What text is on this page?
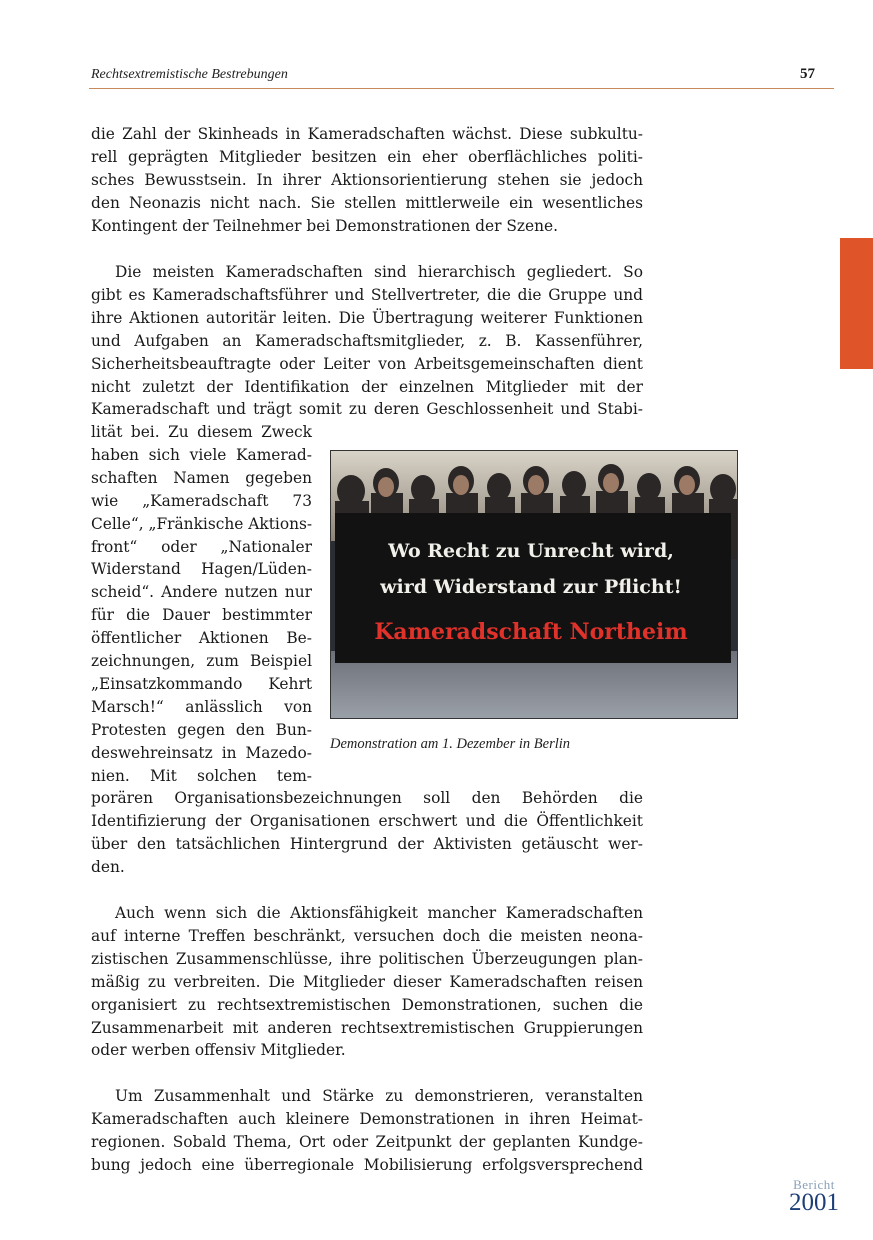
Rechtsextremistische Bestrebungen	57

die Zahl der Skinheads in Kameradschaften wächst. Diese subkultu-
rell geprägten Mitglieder besitzen ein eher oberflächliches politi-
sches Bewusstsein. In ihrer Aktionsorientierung stehen sie jedoch
den Neonazis nicht nach. Sie stellen mittlerweile ein wesentliches
Kontingent der Teilnehmer bei Demonstrationen der Szene.

Die meisten Kameradschaften sind hierarchisch gegliedert. So
gibt es Kameradschaftsführer und Stellvertreter, die die Gruppe und
ihre Aktionen autoritär leiten. Die Übertragung weiterer Funktionen
und Aufgaben an Kameradschaftsmitglieder, z. B. Kassenführer,
Sicherheitsbeauftragte oder Leiter von Arbeitsgemeinschaften dient
nicht zuletzt der Identifikation der einzelnen Mitglieder mit der
Kameradschaft und trägt somit zu deren Geschlossenheit und Stabi-

lität bei. Zu diesem Zweck
haben sich viele Kamerad-
schaften Namen gegeben
wie „Kameradschaft 73
Celle“, „Fränkische Aktions-
front“ oder „Nationaler
Widerstand Hagen/Lüden-
scheid“. Andere nutzen nur
für die Dauer bestimmter
öffentlicher Aktionen Be-
zeichnungen, zum Beispiel
„Einsatzkommando Kehrt
Marsch!“ anlässlich von
Protesten gegen den Bun-
deswehreinsatz in Mazedo-
nien. Mit solchen tem-

porären Organisationsbezeichnungen soll den Behörden die
Identifizierung der Organisationen erschwert und die Öffentlichkeit
über den tatsächlichen Hintergrund der Aktivisten getäuscht wer-
den.

Auch wenn sich die Aktionsfähigkeit mancher Kameradschaften
auf interne Treffen beschränkt, versuchen doch die meisten neona-
zistischen Zusammenschlüsse, ihre politischen Überzeugungen plan-
mäßig zu verbreiten. Die Mitglieder dieser Kameradschaften reisen
organisiert zu rechtsextremistischen Demonstrationen, suchen die
Zusammenarbeit mit anderen rechtsextremistischen Gruppierungen
oder werben offensiv Mitglieder.

Um Zusammenhalt und Stärke zu demonstrieren, veranstalten
Kameradschaften auch kleinere Demonstrationen in ihren Heimat-
regionen. Sobald Thema, Ort oder Zeitpunkt der geplanten Kundge-
bung jedoch eine überregionale Mobilisierung erfolgsversprechend

Wo Recht zu Unrecht wird,
wird Widerstand zur Pflicht!
Kameradschaft Northeim
Demonstration am 1. Dezember in Berlin
Bericht
2001
